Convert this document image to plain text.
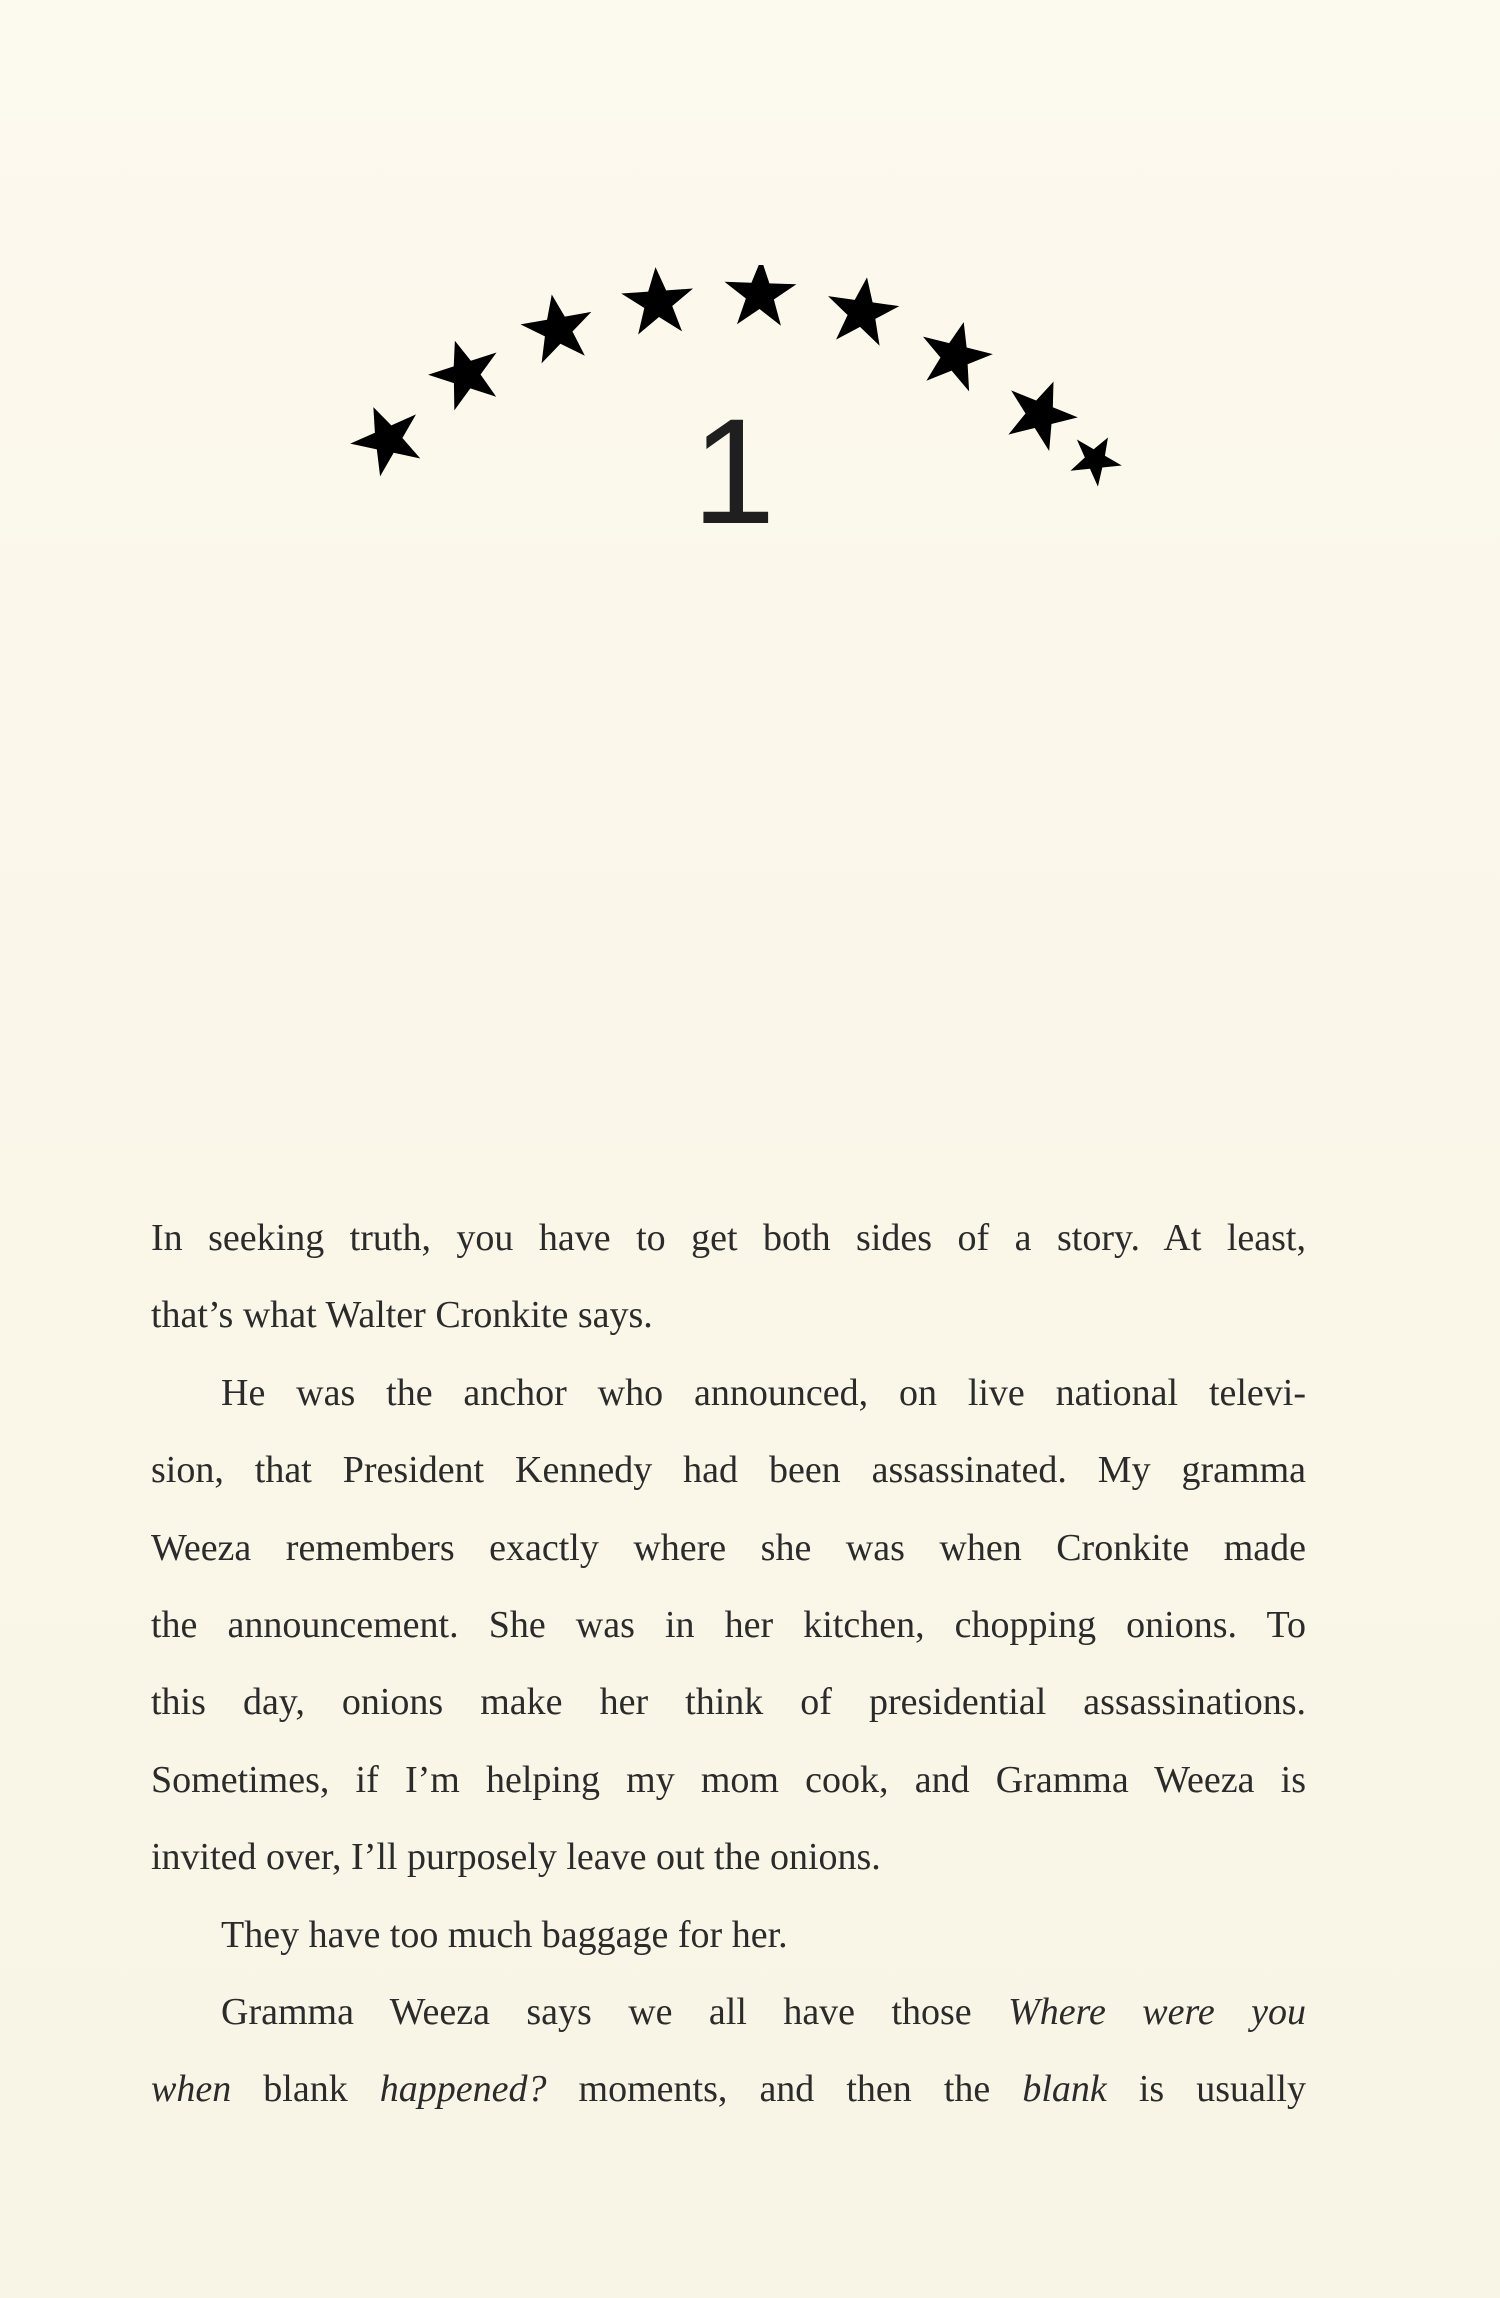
1
In seeking truth, you have to get both sides of a story. At least,
that’s what Walter Cronkite says.
He was the anchor who announced, on live national televi-
sion, that President Kennedy had been assassinated. My gramma
Weeza remembers exactly where she was when Cronkite made
the announcement. She was in her kitchen, chopping onions. To
this day, onions make her think of presidential assassinations.
Sometimes, if I’m helping my mom cook, and Gramma Weeza is
invited over, I’ll purposely leave out the onions.
They have too much baggage for her.
Gramma Weeza says we all have those Where were you
when blank happened? moments, and then the blank is usually
